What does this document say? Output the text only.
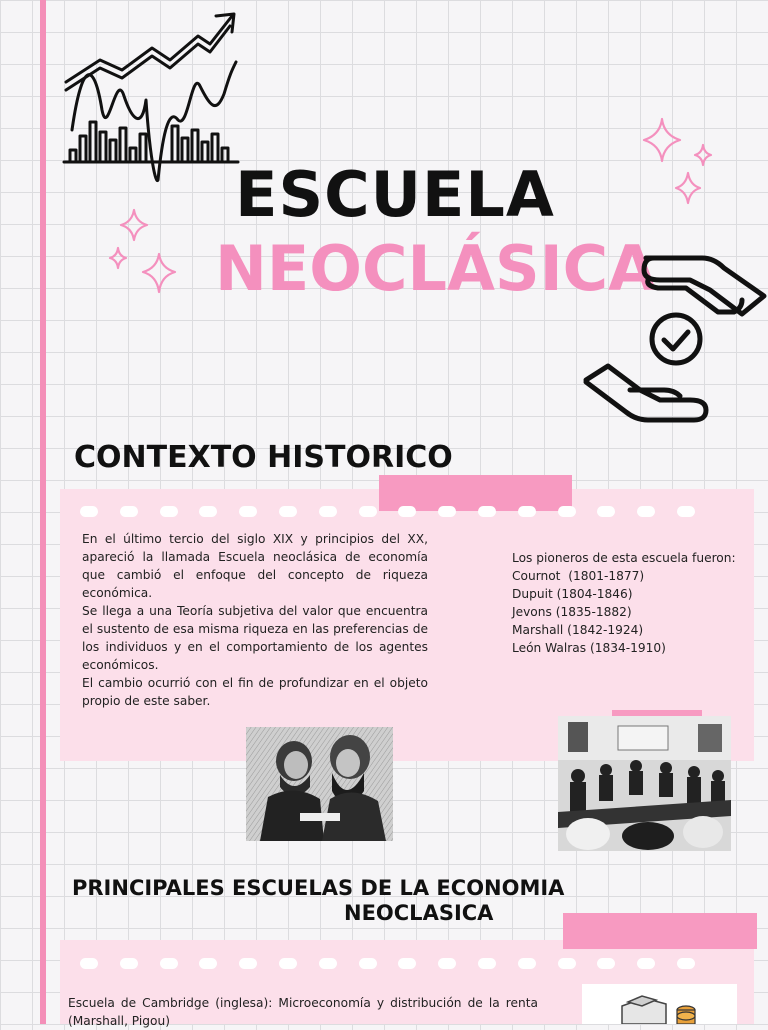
ESCUELA
NEOCLÁSICA
CONTEXTO HISTORICO

En el último tercio del siglo XIX y principios del XX, apareció la llamada Escuela neoclásica de economía que cambió el enfoque del concepto de riqueza económica.

Se llega a una Teoría subjetiva del valor que encuentra el sustento de esa misma riqueza en las preferencias de los individuos y en el comportamiento de los agentes económicos.

El cambio ocurrió con el fin de profundizar en el objeto propio de este saber.

Los pioneros de esta escuela fueron:
Cournot  (1801-1877)
Dupuit (1804-1846)
Jevons (1835-1882)
Marshall (1842-1924)
León Walras (1834-1910)
PRINCIPALES ESCUELAS DE LA ECONOMIA
NEOCLASICA
Escuela de Cambridge (inglesa): Microeconomía y distribución de la renta (Marshall, Pigou)
